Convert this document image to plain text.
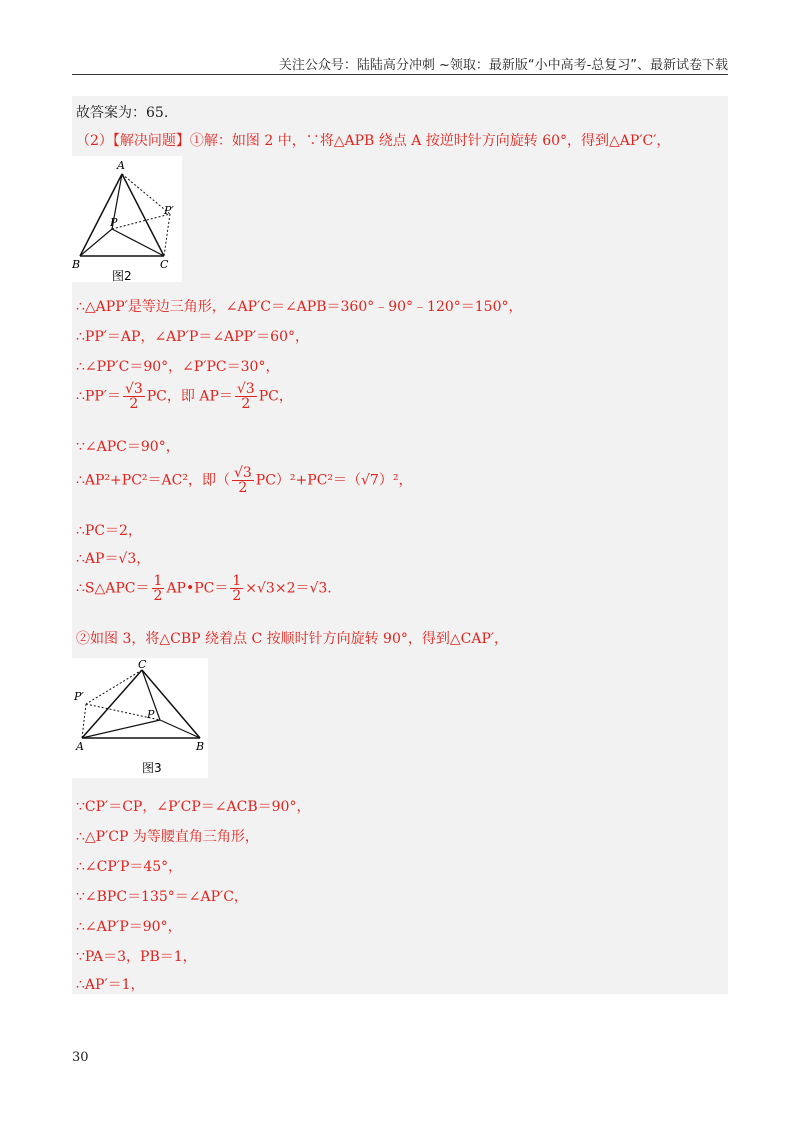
关注公众号：陆陆高分冲刺 ~领取：最新版“小中高考-总复习”、最新试卷下载
故答案为：65.
（2）【解决问题】①解：如图 2 中，∵将△APB 绕点 A 按逆时针方向旋转 60°，得到△AP′C′，
A
B	C
P
P′
图2
∴△APP′是等边三角形，∠AP′C＝∠APB＝360°﹣90°﹣120°＝150°，
∴PP′＝AP，∠AP′P＝∠APP′＝60°，
∴∠PP′C＝90°，∠P′PC＝30°，
∴PP′＝ $\frac{√3}{2}$ PC，即 $AP= \frac{√3}{2}$ PC，
∵∠APC＝90°，
∴AP²+PC²＝AC²，即（ $\frac{√3}{2} PC)^2+PC^2=(√7)^2$，
∴PC＝2，
∴AP＝√3，
∴S△APC＝ $\frac{1}{2}$ AP•PC＝ $\frac{1}{2} \times√3\times 2=√3$.
②如图 3，将△CBP 绕着点 C 按顺时针方向旋转 90°，得到△CAP′，
C
A	B
P
P′
图3
∵CP′＝CP，∠P′CP＝∠ACB＝90°，
∴△P′CP 为等腰直角三角形，
∴∠CP′P＝45°，
∵∠BPC＝135°＝∠AP′C，
∴∠AP′P＝90°，
∵PA＝3，PB＝1，
∴AP′＝1，
30
